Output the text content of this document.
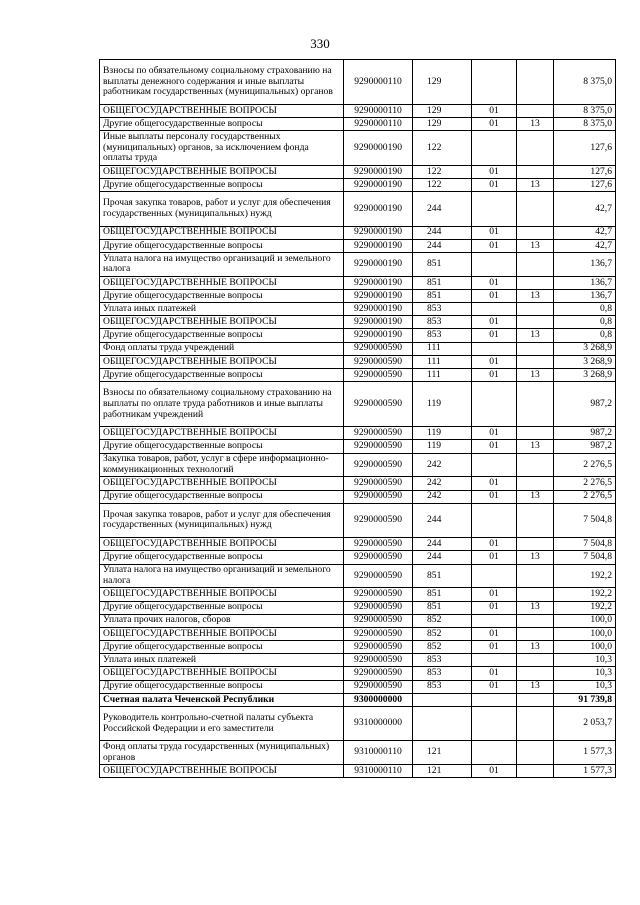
330
Взносы по обязательному социальному страхованию на выплаты денежного содержания и иные выплаты работникам государственных (муниципальных) органов	9290000110	129			8 375,0
ОБЩЕГОСУДАРСТВЕННЫЕ ВОПРОСЫ	9290000110	129	01		8 375,0
Другие общегосударственные вопросы	9290000110	129	01	13	8 375,0
Иные выплаты персоналу государственных (муниципальных) органов, за исключением фонда оплаты труда	9290000190	122			127,6
ОБЩЕГОСУДАРСТВЕННЫЕ ВОПРОСЫ	9290000190	122	01		127,6
Другие общегосударственные вопросы	9290000190	122	01	13	127,6
Прочая закупка товаров, работ и услуг для обеспечения государственных (муниципальных) нужд	9290000190	244			42,7
ОБЩЕГОСУДАРСТВЕННЫЕ ВОПРОСЫ	9290000190	244	01		42,7
Другие общегосударственные вопросы	9290000190	244	01	13	42,7
Уплата налога на имущество организаций и земельного налога	9290000190	851			136,7
ОБЩЕГОСУДАРСТВЕННЫЕ ВОПРОСЫ	9290000190	851	01		136,7
Другие общегосударственные вопросы	9290000190	851	01	13	136,7
Уплата иных платежей	9290000190	853			0,8
ОБЩЕГОСУДАРСТВЕННЫЕ ВОПРОСЫ	9290000190	853	01		0,8
Другие общегосударственные вопросы	9290000190	853	01	13	0,8
Фонд оплаты труда учреждений	9290000590	111			3 268,9
ОБЩЕГОСУДАРСТВЕННЫЕ ВОПРОСЫ	9290000590	111	01		3 268,9
Другие общегосударственные вопросы	9290000590	111	01	13	3 268,9
Взносы по обязательному социальному страхованию на выплаты по оплате труда работников и иные выплаты работникам учреждений	9290000590	119			987,2
ОБЩЕГОСУДАРСТВЕННЫЕ ВОПРОСЫ	9290000590	119	01		987,2
Другие общегосударственные вопросы	9290000590	119	01	13	987,2
Закупка товаров, работ, услуг в сфере информационно-коммуникационных технологий	9290000590	242			2 276,5
ОБЩЕГОСУДАРСТВЕННЫЕ ВОПРОСЫ	9290000590	242	01		2 276,5
Другие общегосударственные вопросы	9290000590	242	01	13	2 276,5
Прочая закупка товаров, работ и услуг для обеспечения государственных (муниципальных) нужд	9290000590	244			7 504,8
ОБЩЕГОСУДАРСТВЕННЫЕ ВОПРОСЫ	9290000590	244	01		7 504,8
Другие общегосударственные вопросы	9290000590	244	01	13	7 504,8
Уплата налога на имущество организаций и земельного налога	9290000590	851			192,2
ОБЩЕГОСУДАРСТВЕННЫЕ ВОПРОСЫ	9290000590	851	01		192,2
Другие общегосударственные вопросы	9290000590	851	01	13	192,2
Уплата прочих налогов, сборов	9290000590	852			100,0
ОБЩЕГОСУДАРСТВЕННЫЕ ВОПРОСЫ	9290000590	852	01		100,0
Другие общегосударственные вопросы	9290000590	852	01	13	100,0
Уплата иных платежей	9290000590	853			10,3
ОБЩЕГОСУДАРСТВЕННЫЕ ВОПРОСЫ	9290000590	853	01		10,3
Другие общегосударственные вопросы	9290000590	853	01	13	10,3
Счетная палата Чеченской Республики	9300000000				91 739,8
Руководитель контрольно-счетной палаты субъекта Российской Федерации и его заместители	9310000000				2 053,7
Фонд оплаты труда государственных (муниципальных) органов	9310000110	121			1 577,3
ОБЩЕГОСУДАРСТВЕННЫЕ ВОПРОСЫ	9310000110	121	01		1 577,3
